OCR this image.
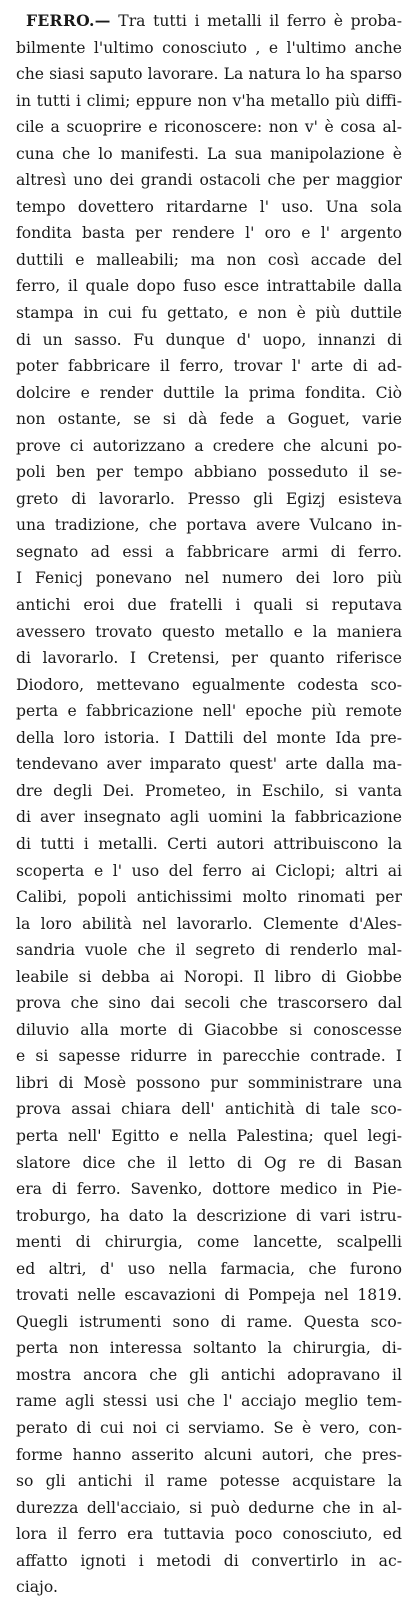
FERRO.— Tra tutti i metalli il ferro è proba-
bilmente l'ultimo conosciuto , e l'ultimo anche
che siasi saputo lavorare. La natura lo ha sparso
in tutti i climi; eppure non v'ha metallo più diffi-
cile a scuoprire e riconoscere: non v' è cosa al-
cuna che lo manifesti. La sua manipolazione è
altresì uno dei grandi ostacoli che per maggior
tempo dovettero ritardarne l' uso. Una sola
fondita basta per rendere l' oro e l' argento
duttili e malleabili; ma non così accade del
ferro, il quale dopo fuso esce intrattabile dalla
stampa in cui fu gettato, e non è più duttile
di un sasso. Fu dunque d' uopo, innanzi di
poter fabbricare il ferro, trovar l' arte di ad-
dolcire e render duttile la prima fondita. Ciò
non ostante, se si dà fede a Goguet, varie
prove ci autorizzano a credere che alcuni po-
poli ben per tempo abbiano posseduto il se-
greto di lavorarlo. Presso gli Egizj esisteva
una tradizione, che portava avere Vulcano in-
segnato ad essi a fabbricare armi di ferro.
I Fenicj ponevano nel numero dei loro più
antichi eroi due fratelli i quali si reputava
avessero trovato questo metallo e la maniera
di lavorarlo. I Cretensi, per quanto riferisce
Diodoro, mettevano egualmente codesta sco-
perta e fabbricazione nell' epoche più remote
della loro istoria. I Dattili del monte Ida pre-
tendevano aver imparato quest' arte dalla ma-
dre degli Dei. Prometeo, in Eschilo, si vanta
di aver insegnato agli uomini la fabbricazione
di tutti i metalli. Certi autori attribuiscono la
scoperta e l' uso del ferro ai Ciclopi; altri ai
Calibi, popoli antichissimi molto rinomati per
la loro abilità nel lavorarlo. Clemente d'Ales-
sandria vuole che il segreto di renderlo mal-
leabile si debba ai Noropi. Il libro di Giobbe
prova che sino dai secoli che trascorsero dal
diluvio alla morte di Giacobbe si conoscesse
e si sapesse ridurre in parecchie contrade. I
libri di Mosè possono pur somministrare una
prova assai chiara dell' antichità di tale sco-
perta nell' Egitto e nella Palestina; quel legi-
slatore dice che il letto di Og re di Basan
era di ferro. Savenko, dottore medico in Pie-
troburgo, ha dato la descrizione di vari istru-
menti di chirurgia, come lancette, scalpelli
ed altri, d' uso nella farmacia, che furono
trovati nelle escavazioni di Pompeja nel 1819.
Quegli istrumenti sono di rame. Questa sco-
perta non interessa soltanto la chirurgia, di-
mostra ancora che gli antichi adopravano il
rame agli stessi usi che l' acciajo meglio tem-
perato di cui noi ci serviamo. Se è vero, con-
forme hanno asserito alcuni autori, che pres-
so gli antichi il rame potesse acquistare la
durezza dell'acciaio, si può dedurne che in al-
lora il ferro era tuttavia poco conosciuto, ed
affatto ignoti i metodi di convertirlo in ac-
ciajo.
